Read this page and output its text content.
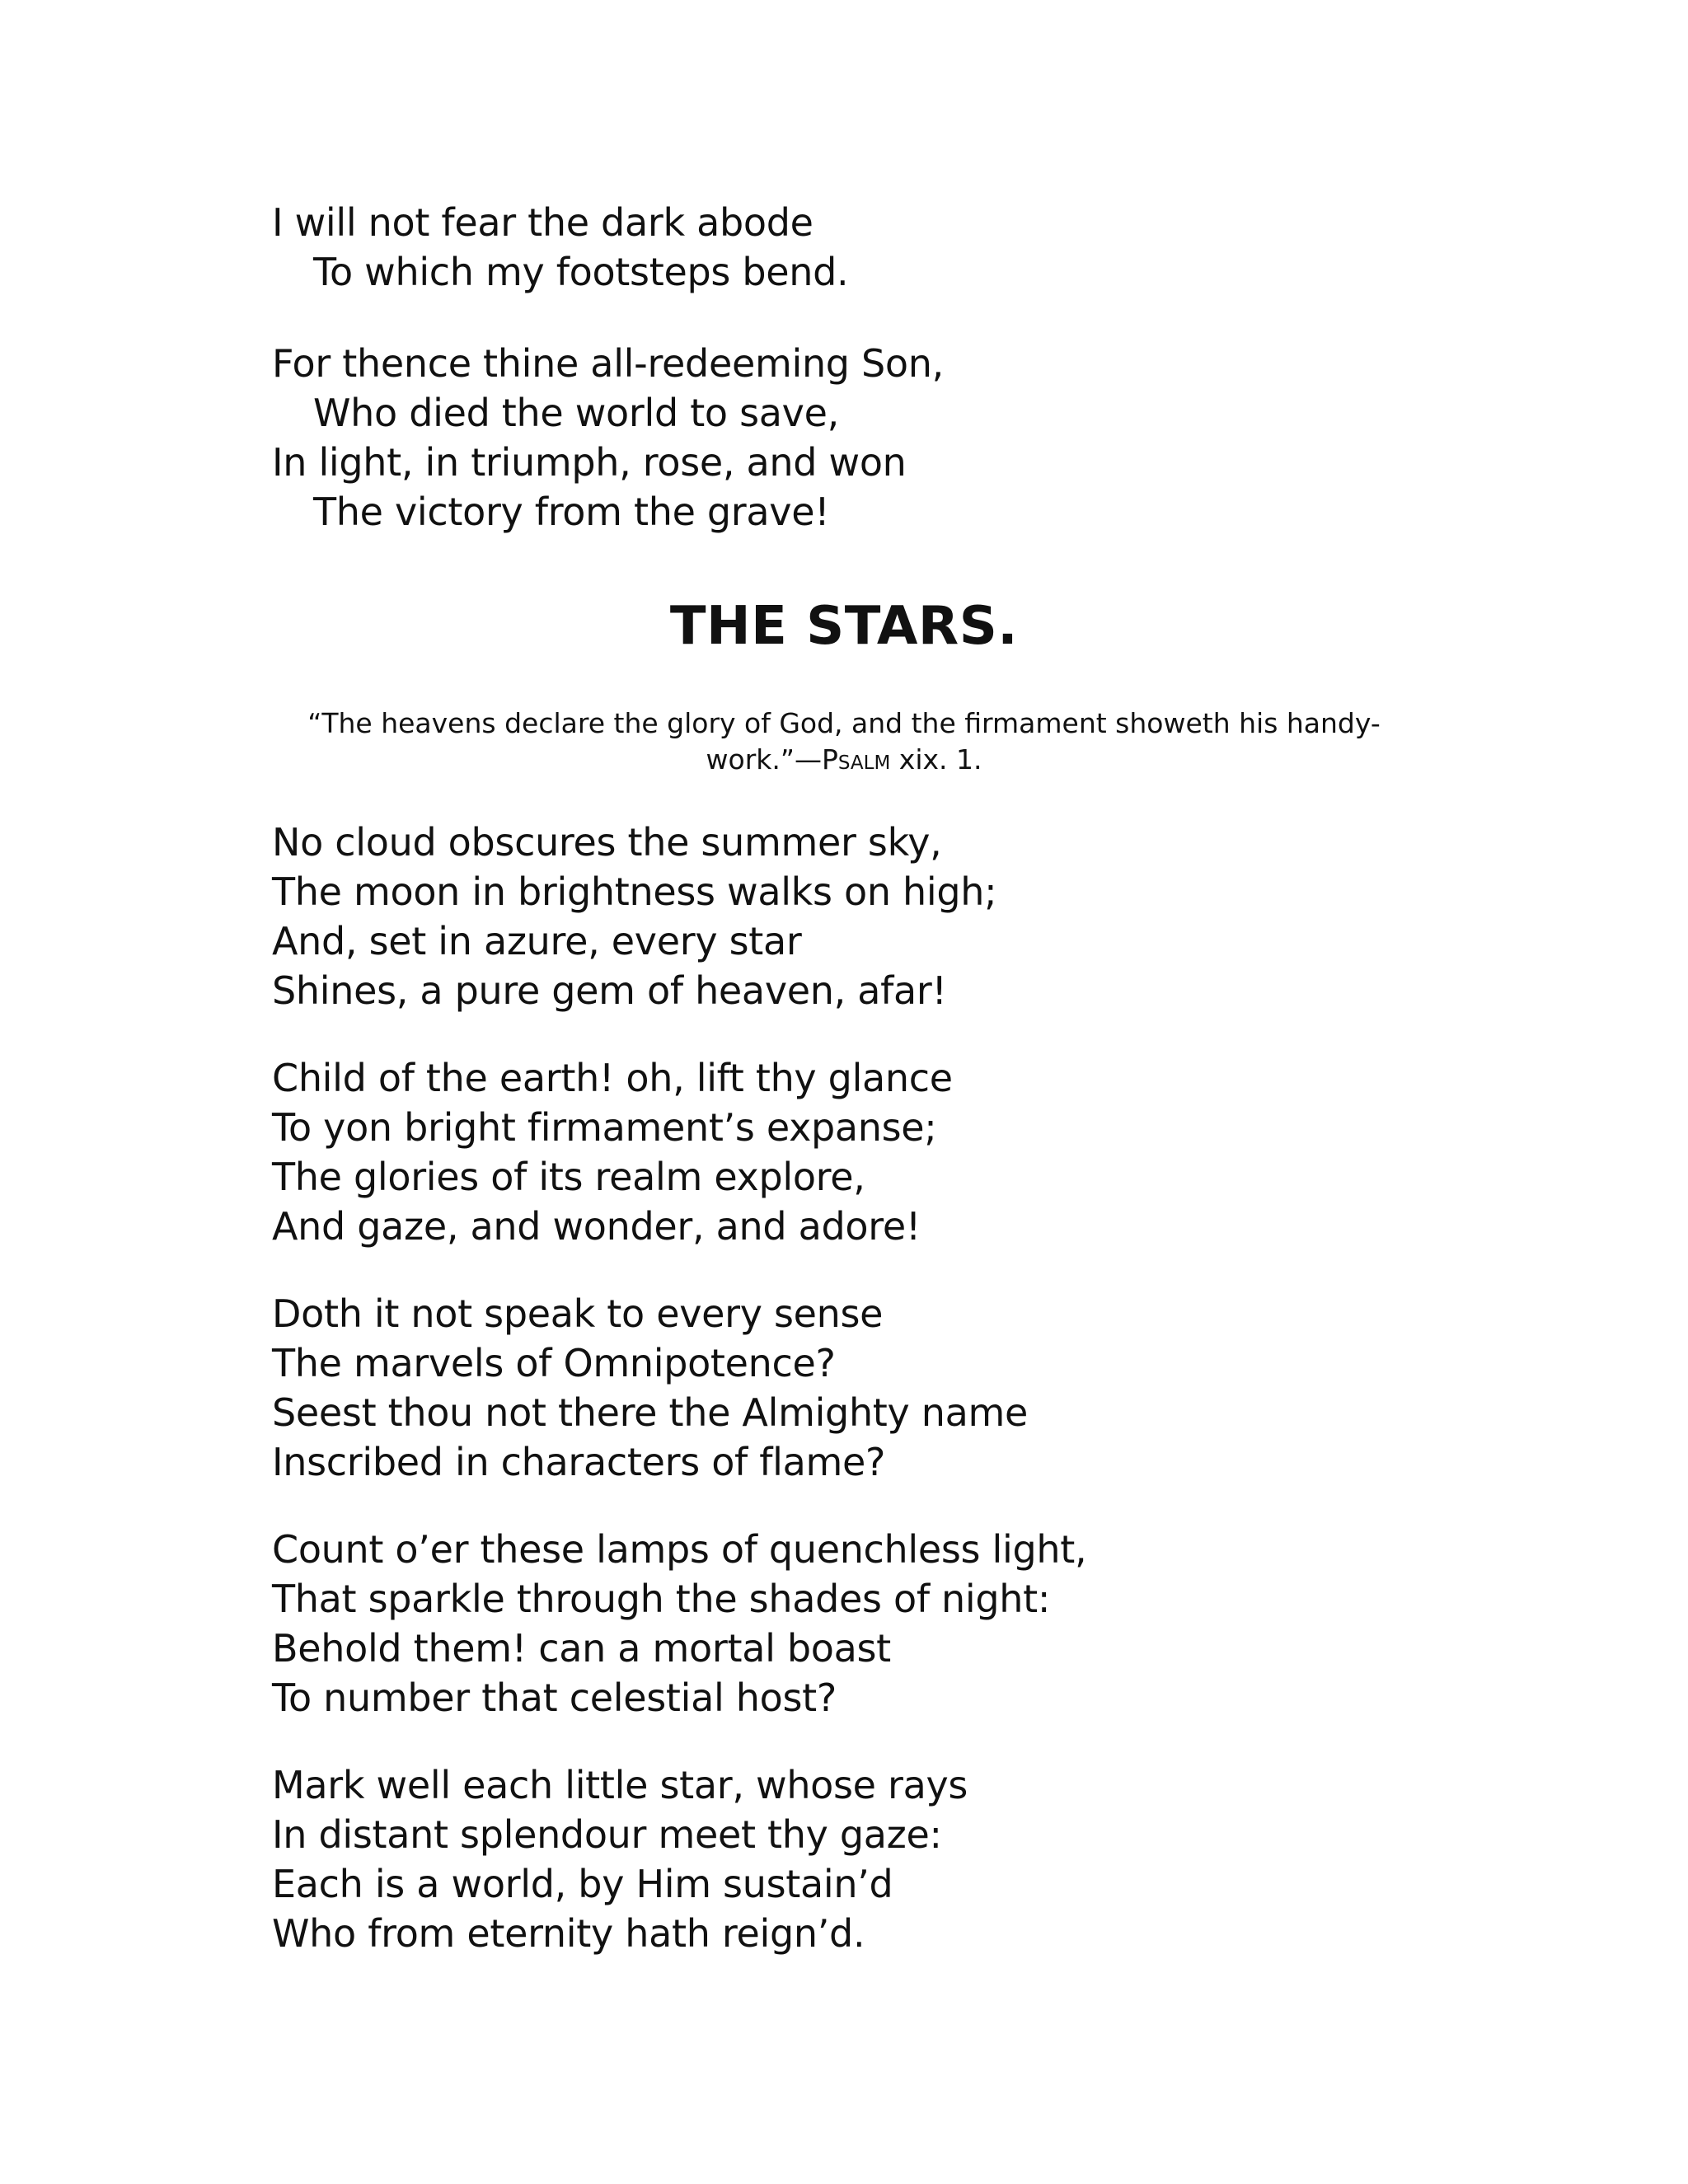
I will not fear the dark abode
To which my footsteps bend.
For thence thine all-redeeming Son,
Who died the world to save,
In light, in triumph, rose, and won
The victory from the grave!
THE STARS.
“The heavens declare the glory of God, and the firmament showeth his handy-
work.”—Psalm xix. 1.
No cloud obscures the summer sky,
The moon in brightness walks on high;
And, set in azure, every star
Shines, a pure gem of heaven, afar!
Child of the earth! oh, lift thy glance
To yon bright firmament’s expanse;
The glories of its realm explore,
And gaze, and wonder, and adore!
Doth it not speak to every sense
The marvels of Omnipotence?
Seest thou not there the Almighty name
Inscribed in characters of flame?
Count o’er these lamps of quenchless light,
That sparkle through the shades of night:
Behold them! can a mortal boast
To number that celestial host?
Mark well each little star, whose rays
In distant splendour meet thy gaze:
Each is a world, by Him sustain’d
Who from eternity hath reign’d.
